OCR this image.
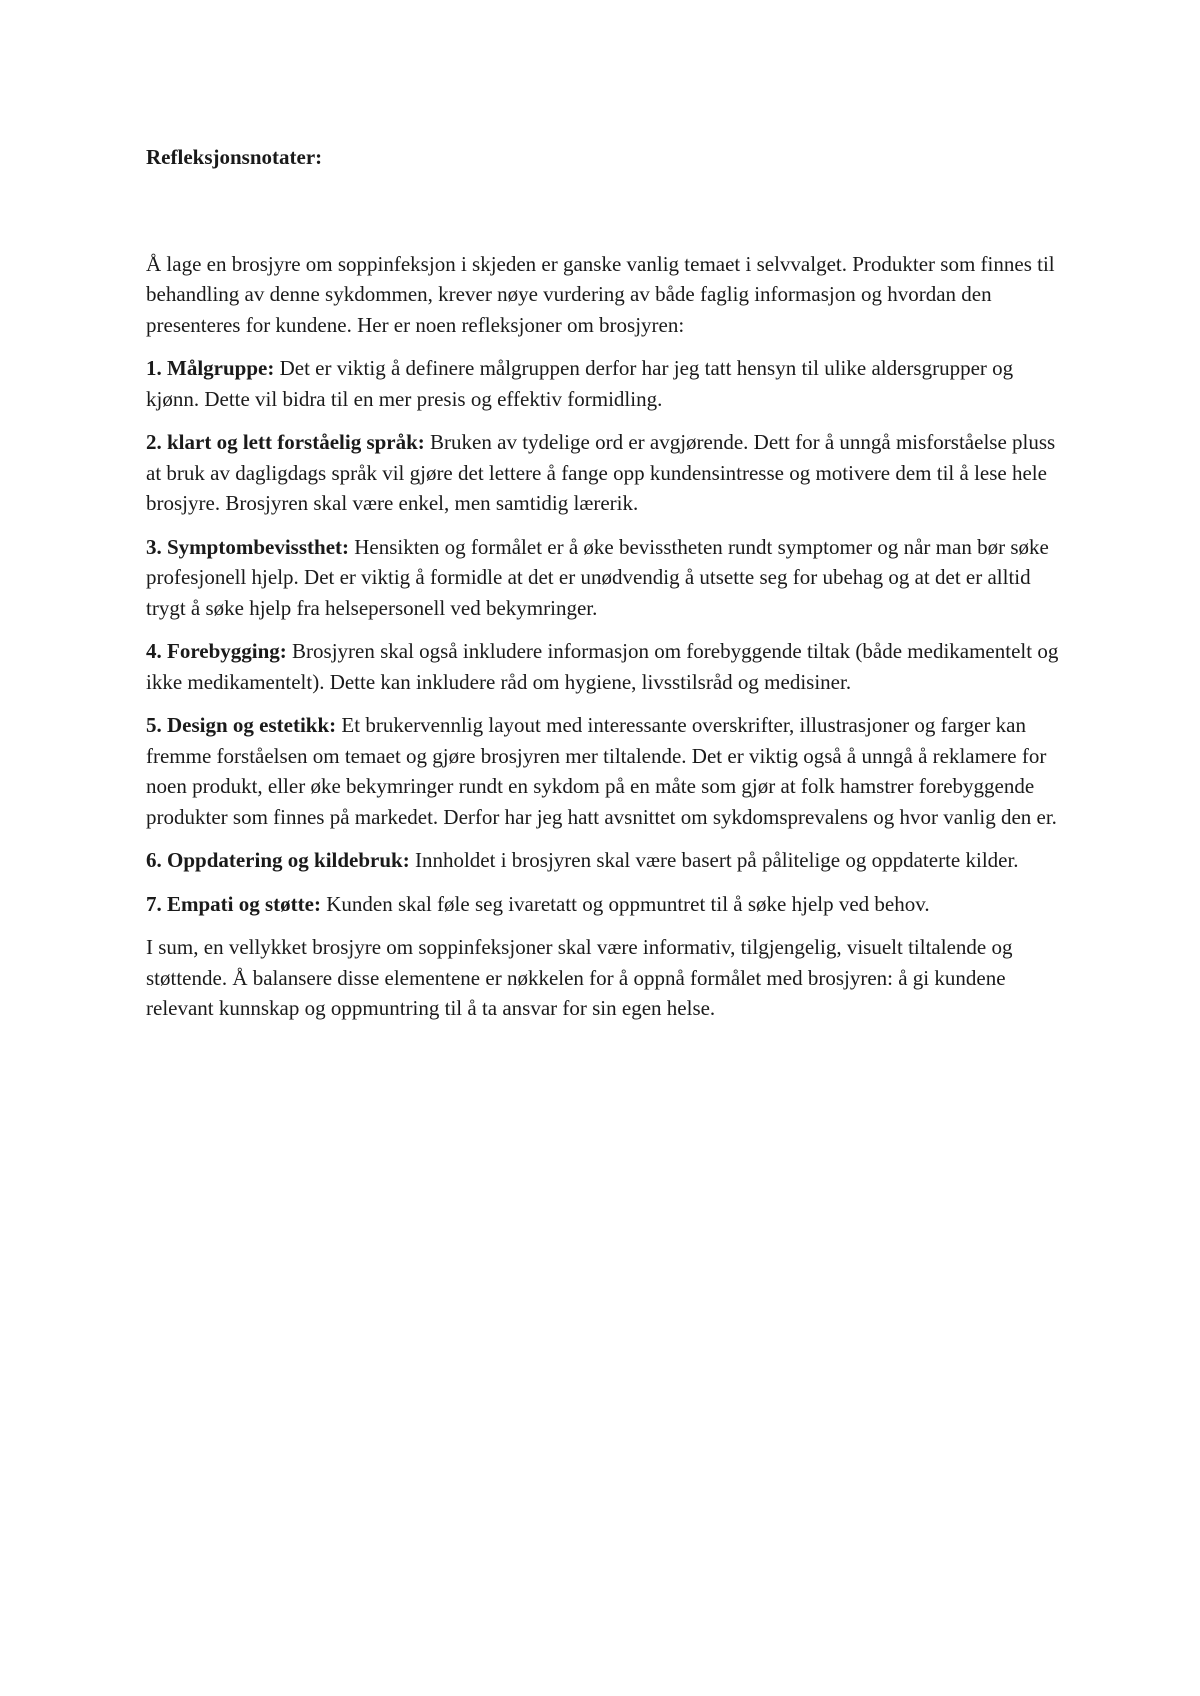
Refleksjonsnotater:

Å lage en brosjyre om soppinfeksjon i skjeden er ganske vanlig temaet i selvvalget. Produkter som finnes til behandling av denne sykdommen, krever nøye vurdering av både faglig informasjon og hvordan den presenteres for kundene. Her er noen refleksjoner om brosjyren:

1. Målgruppe: Det er viktig å definere målgruppen derfor har jeg tatt hensyn til ulike aldersgrupper og kjønn. Dette vil bidra til en mer presis og effektiv formidling.

2. klart og lett forståelig språk: Bruken av tydelige ord er avgjørende. Dett for å unngå misforståelse pluss at bruk av dagligdags språk vil gjøre det lettere å fange opp kundensintresse og motivere dem til å lese hele brosjyre. Brosjyren skal være enkel, men samtidig lærerik.

3. Symptombevissthet: Hensikten og formålet er å øke bevisstheten rundt symptomer og når man bør søke profesjonell hjelp. Det er viktig å formidle at det er unødvendig å utsette seg for ubehag og at det er alltid trygt å søke hjelp fra helsepersonell ved bekymringer.

4. Forebygging: Brosjyren skal også inkludere informasjon om forebyggende tiltak (både medikamentelt og ikke medikamentelt). Dette kan inkludere råd om hygiene, livsstilsråd og medisiner.

5. Design og estetikk: Et brukervennlig layout med interessante overskrifter, illustrasjoner og farger kan fremme forståelsen om temaet og gjøre brosjyren mer tiltalende. Det er viktig også å unngå å reklamere for noen produkt, eller øke bekymringer rundt en sykdom på en måte som gjør at folk hamstrer forebyggende produkter som finnes på markedet. Derfor har jeg hatt avsnittet om sykdomsprevalens og hvor vanlig den er.

6. Oppdatering og kildebruk: Innholdet i brosjyren skal være basert på pålitelige og oppdaterte kilder.

7. Empati og støtte: Kunden skal føle seg ivaretatt og oppmuntret til å søke hjelp ved behov.

I sum, en vellykket brosjyre om soppinfeksjoner skal være informativ, tilgjengelig, visuelt tiltalende og støttende. Å balansere disse elementene er nøkkelen for å oppnå formålet med brosjyren: å gi kundene relevant kunnskap og oppmuntring til å ta ansvar for sin egen helse.
